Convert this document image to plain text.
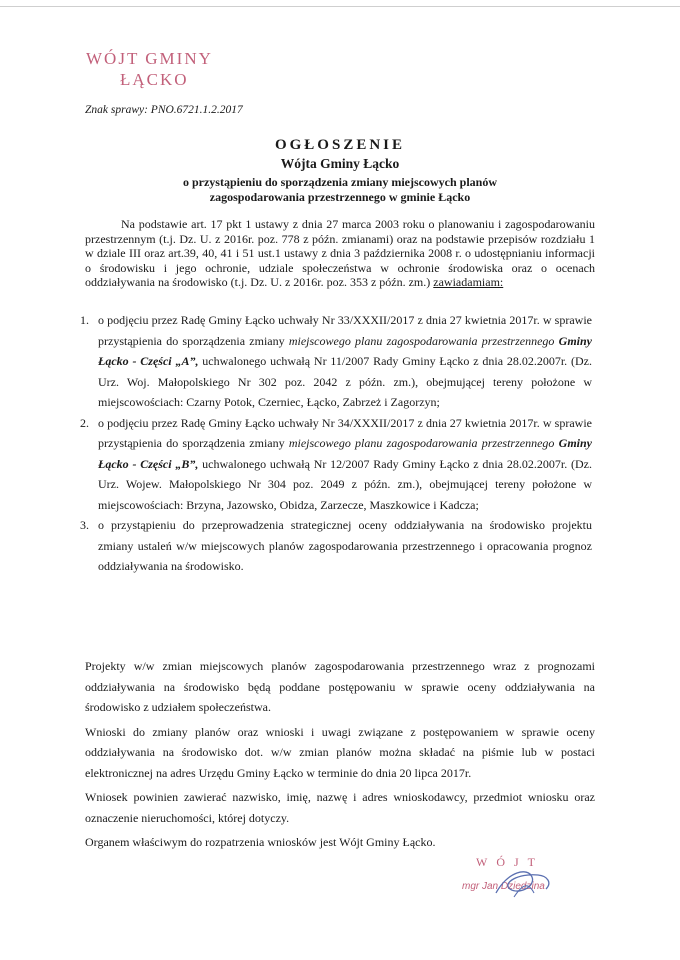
WÓJT GMINY
ŁĄCKO
Znak sprawy: PNO.6721.1.2.2017
OGŁOSZENIE
Wójta Gminy Łącko
o przystąpieniu do sporządzenia zmiany miejscowych planów
zagospodarowania przestrzennego w gminie Łącko
Na podstawie art. 17 pkt 1 ustawy z dnia 27 marca 2003 roku o planowaniu i zagospodarowaniu przestrzennym (t.j. Dz. U. z 2016r. poz. 778 z późn. zmianami) oraz na podstawie przepisów rozdziału 1 w dziale III oraz art.39, 40, 41 i 51 ust.1 ustawy z dnia 3 października 2008 r. o udostępnianiu informacji o środowisku i jego ochronie, udziale społeczeństwa w ochronie środowiska oraz o ocenach oddziaływania na środowisko (t.j. Dz. U. z 2016r. poz. 353 z późn. zm.) zawiadamiam:
1. o podjęciu przez Radę Gminy Łącko uchwały Nr 33/XXXII/2017 z dnia 27 kwietnia 2017r. w sprawie przystąpienia do sporządzenia zmiany miejscowego planu zagospodarowania przestrzennego Gminy Łącko - Części „A”, uchwalonego uchwałą Nr 11/2007 Rady Gminy Łącko z dnia 28.02.2007r. (Dz. Urz. Woj. Małopolskiego Nr 302 poz. 2042 z późn. zm.), obejmującej tereny położone w miejscowościach: Czarny Potok, Czerniec, Łącko, Zabrzeż i Zagorzyn;
2. o podjęciu przez Radę Gminy Łącko uchwały Nr 34/XXXII/2017 z dnia 27 kwietnia 2017r. w sprawie przystąpienia do sporządzenia zmiany miejscowego planu zagospodarowania przestrzennego Gminy Łącko - Części „B”, uchwalonego uchwałą Nr 12/2007 Rady Gminy Łącko z dnia 28.02.2007r. (Dz. Urz. Wojew. Małopolskiego Nr 304 poz. 2049 z późn. zm.), obejmującej tereny położone w miejscowościach: Brzyna, Jazowsko, Obidza, Zarzecze, Maszkowice i Kadcza;
3. o przystąpieniu do przeprowadzenia strategicznej oceny oddziaływania na środowisko projektu zmiany ustaleń w/w miejscowych planów zagospodarowania przestrzennego i opracowania prognoz oddziaływania na środowisko.

Projekty w/w zmian miejscowych planów zagospodarowania przestrzennego wraz z prognozami oddziaływania na środowisko będą poddane postępowaniu w sprawie oceny oddziaływania na środowisko z udziałem społeczeństwa.

Wnioski do zmiany planów oraz wnioski i uwagi związane z postępowaniem w sprawie oceny oddziaływania na środowisko dot. w/w zmian planów można składać na piśmie lub w postaci elektronicznej na adres Urzędu Gminy Łącko w terminie do dnia 20 lipca 2017r.

Wniosek powinien zawierać nazwisko, imię, nazwę i adres wnioskodawcy, przedmiot wniosku oraz oznaczenie nieruchomości, której dotyczy.

Organem właściwym do rozpatrzenia wniosków jest Wójt Gminy Łącko.

WÓJT
mgr Jan Dziedzina
